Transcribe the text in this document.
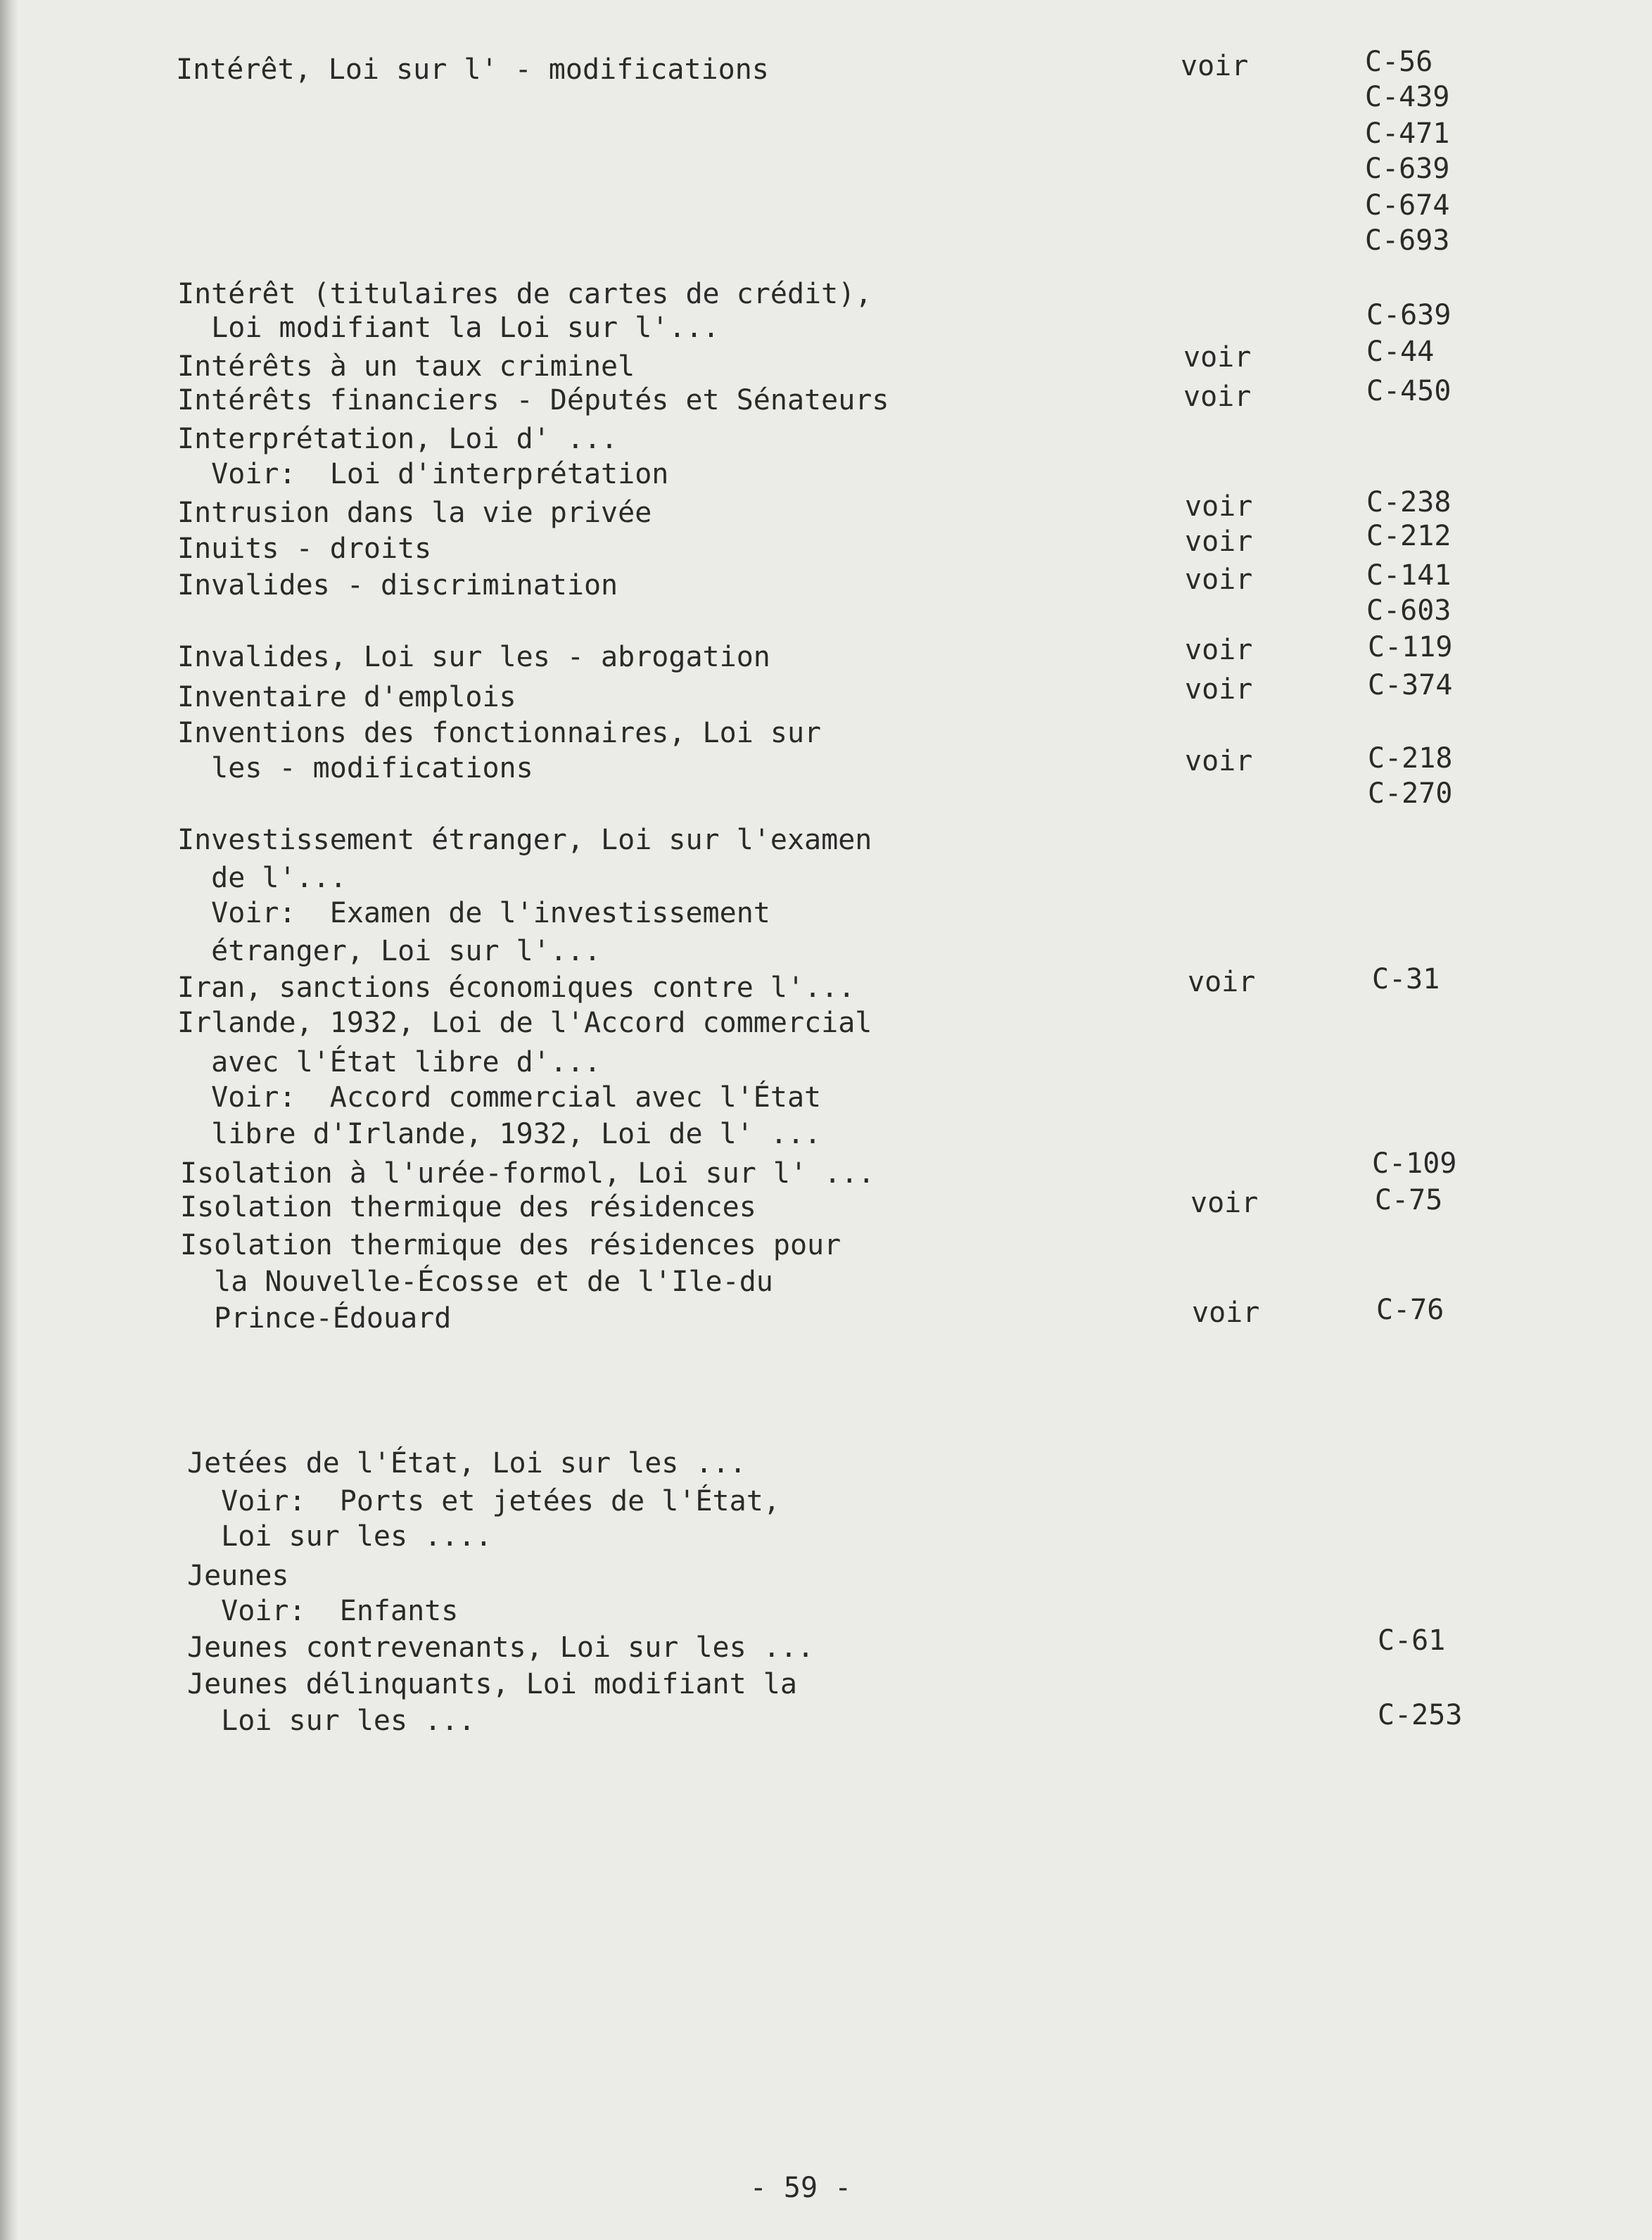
Intérêt, Loi sur l' - modifications
Intérêt (titulaires de cartes de crédit),
Loi modifiant la Loi sur l'...
Intérêts à un taux criminel
Intérêts financiers - Députés et Sénateurs
Interprétation, Loi d' ...
Voir:  Loi d'interprétation
Intrusion dans la vie privée
Inuits - droits
Invalides - discrimination
Invalides, Loi sur les - abrogation
Inventaire d'emplois
Inventions des fonctionnaires, Loi sur
les - modifications
Investissement étranger, Loi sur l'examen
de l'...
Voir:  Examen de l'investissement
étranger, Loi sur l'...
Iran, sanctions économiques contre l'...
Irlande, 1932, Loi de l'Accord commercial
avec l'État libre d'...
Voir:  Accord commercial avec l'État
libre d'Irlande, 1932, Loi de l' ...
Isolation à l'urée-formol, Loi sur l' ...
Isolation thermique des résidences
Isolation thermique des résidences pour
la Nouvelle-Écosse et de l'Ile-du
Prince-Édouard
Jetées de l'État, Loi sur les ...
Voir:  Ports et jetées de l'État,
Loi sur les ....
Jeunes
Voir:  Enfants
Jeunes contrevenants, Loi sur les ...
Jeunes délinquants, Loi modifiant la
Loi sur les ...
voir
voir
voir
voir
voir
voir
voir
voir
voir
voir
voir
voir
C-56
C-439
C-471
C-639
C-674
C-693
C-639
C-44
C-450
C-238
C-212
C-141
C-603
C-119
C-374
C-218
C-270
C-31
C-109
C-75
C-76
C-61
C-253
- 59 -
